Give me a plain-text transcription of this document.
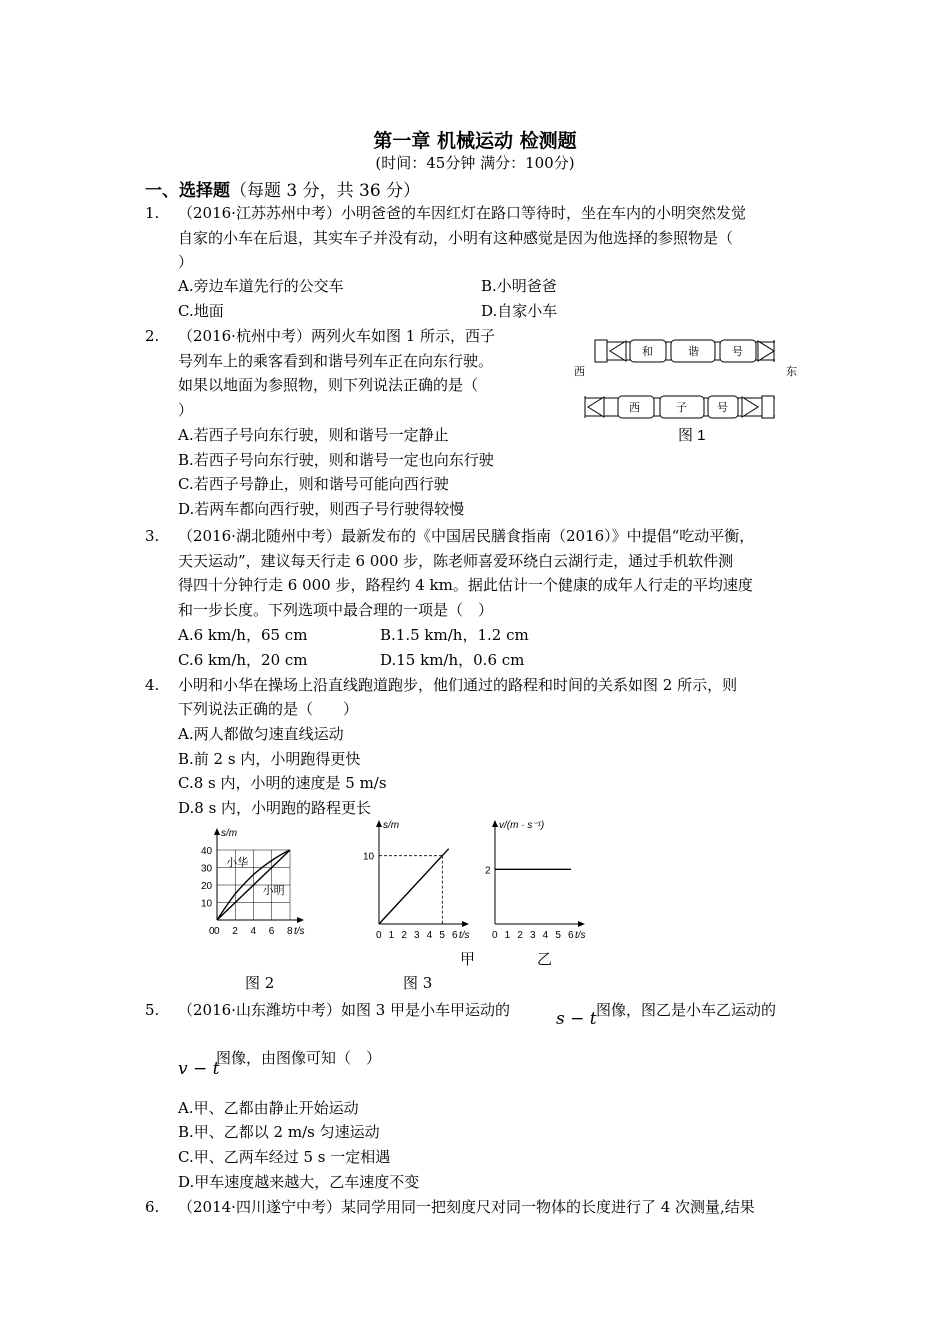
第一章 机械运动 检测题
(时间：45分钟 满分：100分)
一、选择题（每题 3 分，共 36 分）
1. （2016·江苏苏州中考）小明爸爸的车因红灯在路口等待时，坐在车内的小明突然发觉
自家的小车在后退，其实车子并没有动，小明有这种感觉是因为他选择的参照物是（
）
A.旁边车道先行的公交车	B.小明爸爸
C.地面	D.自家小车
2. （2016·杭州中考）两列火车如图 1 所示，西子
号列车上的乘客看到和谐号列车正在向东行驶。
如果以地面为参照物，则下列说法正确的是（
）
A.若西子号向东行驶，则和谐号一定静止
B.若西子号向东行驶，则和谐号一定也向东行驶
C.若西子号静止，则和谐号可能向西行驶
D.若两车都向西行驶，则西子号行驶得较慢
和	谐	号
西	东
西	子	号
图 1
3. （2016·湖北随州中考）最新发布的《中国居民膳食指南（2016）》中提倡“吃动平衡，
天天运动”，建议每天行走 6 000 步，陈老师喜爱环绕白云湖行走，通过手机软件测
得四十分钟行走 6 000 步，路程约 4 km。据此估计一个健康的成年人行走的平均速度
和一步长度。下列选项中最合理的一项是（　）
A.6 km/h，65 cm	B.1.5 km/h，1.2 cm
C.6 km/h，20 cm	D.15 km/h，0.6 cm
4. 小明和小华在操场上沿直线跑道跑步，他们通过的路程和时间的关系如图 2 所示，则
下列说法正确的是（　　）
A.两人都做匀速直线运动
B.前 2 s 内，小明跑得更快
C.8 s 内，小明的速度是 5 m/s
D.8 s 内，小明跑的路程更长
0 2 4 6 8
10
20
30
40
t/s
s/m
小华
小明
0	0 1 2 3 4 5 6
10
t/s
s/m
0 1 2 3 4 5 6
2
t/s
v/(m · s⁻¹)
甲	乙
图 2	图 3
5. （2016·山东潍坊中考）如图 3 甲是小车甲运动的	s − t 图像，图乙是小车乙运动的
v − t
图像，由图像可知（　）
A.甲、乙都由静止开始运动
B.甲、乙都以 2 m/s 匀速运动
C.甲、乙两车经过 5 s 一定相遇
D.甲车速度越来越大，乙车速度不变
6. （2014·四川遂宁中考）某同学用同一把刻度尺对同一物体的长度进行了 4 次测量,结果
